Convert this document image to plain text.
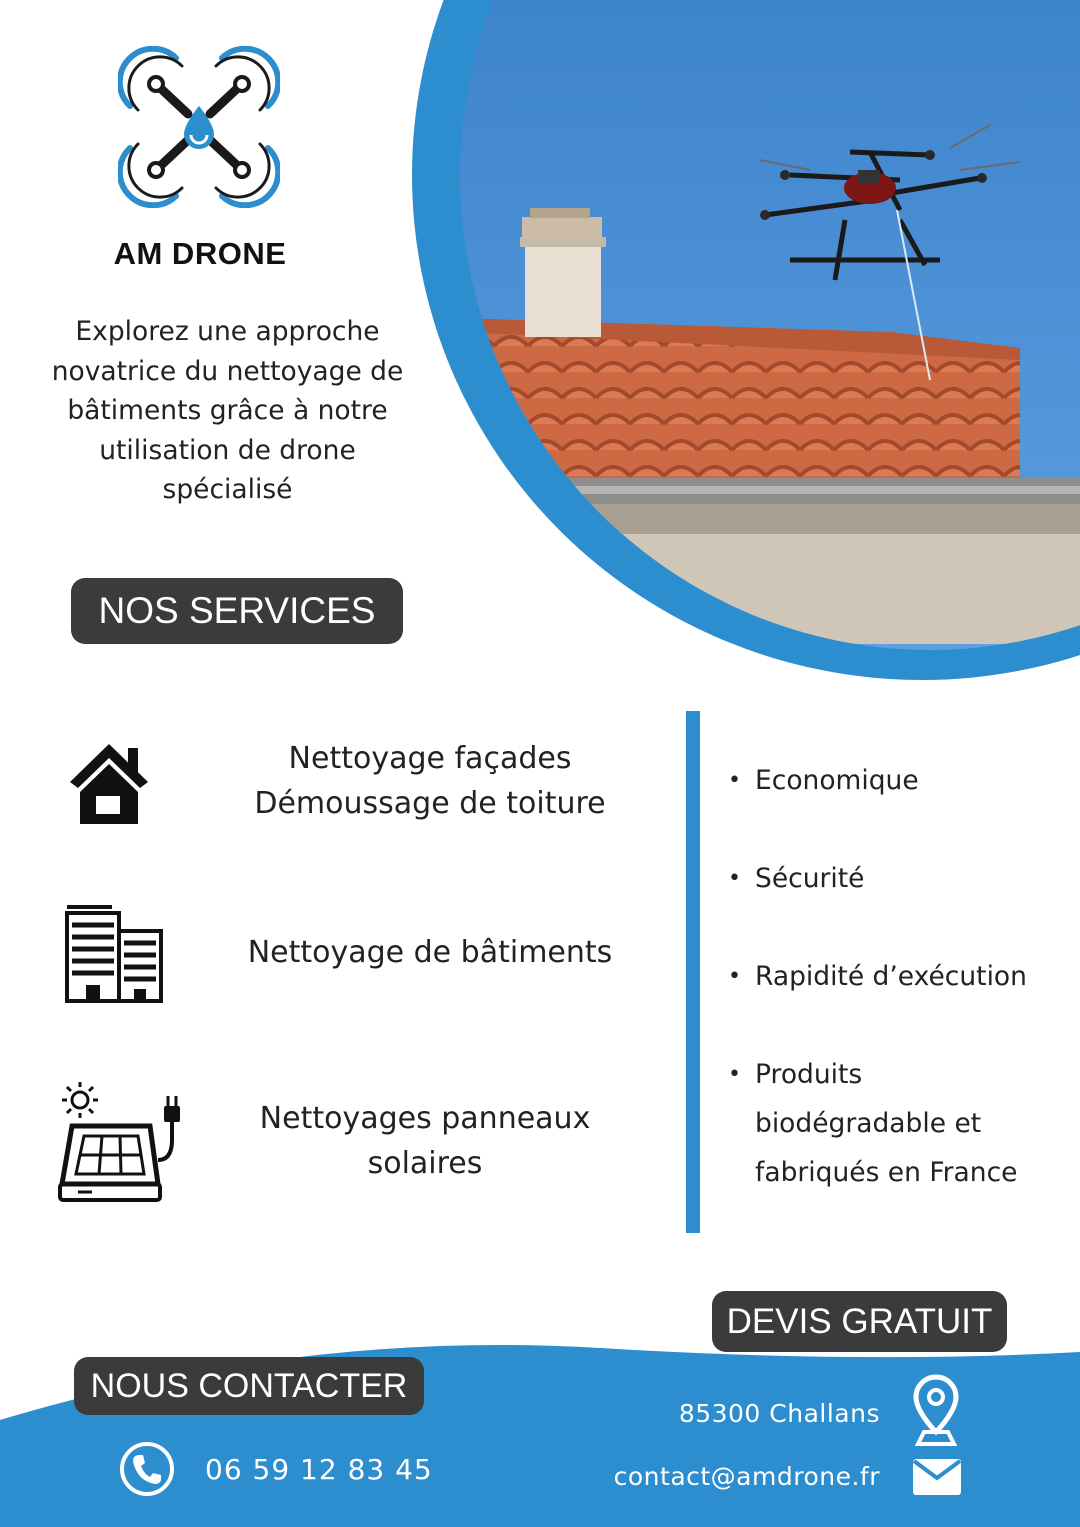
AM DRONE
Explorez une approche novatrice du nettoyage de bâtiments grâce à notre utilisation de drone spécialisé
NOS SERVICES
Nettoyage façades
Démoussage de toiture
Nettoyage de bâtiments
Nettoyages panneaux
solaires
• Economique
• Sécurité
• Rapidité d’exécution
• Produits
biodégradable et
fabriqués en France
DEVIS GRATUIT
NOUS CONTACTER
06 59 12 83 45
85300 Challans
contact@amdrone.fr
